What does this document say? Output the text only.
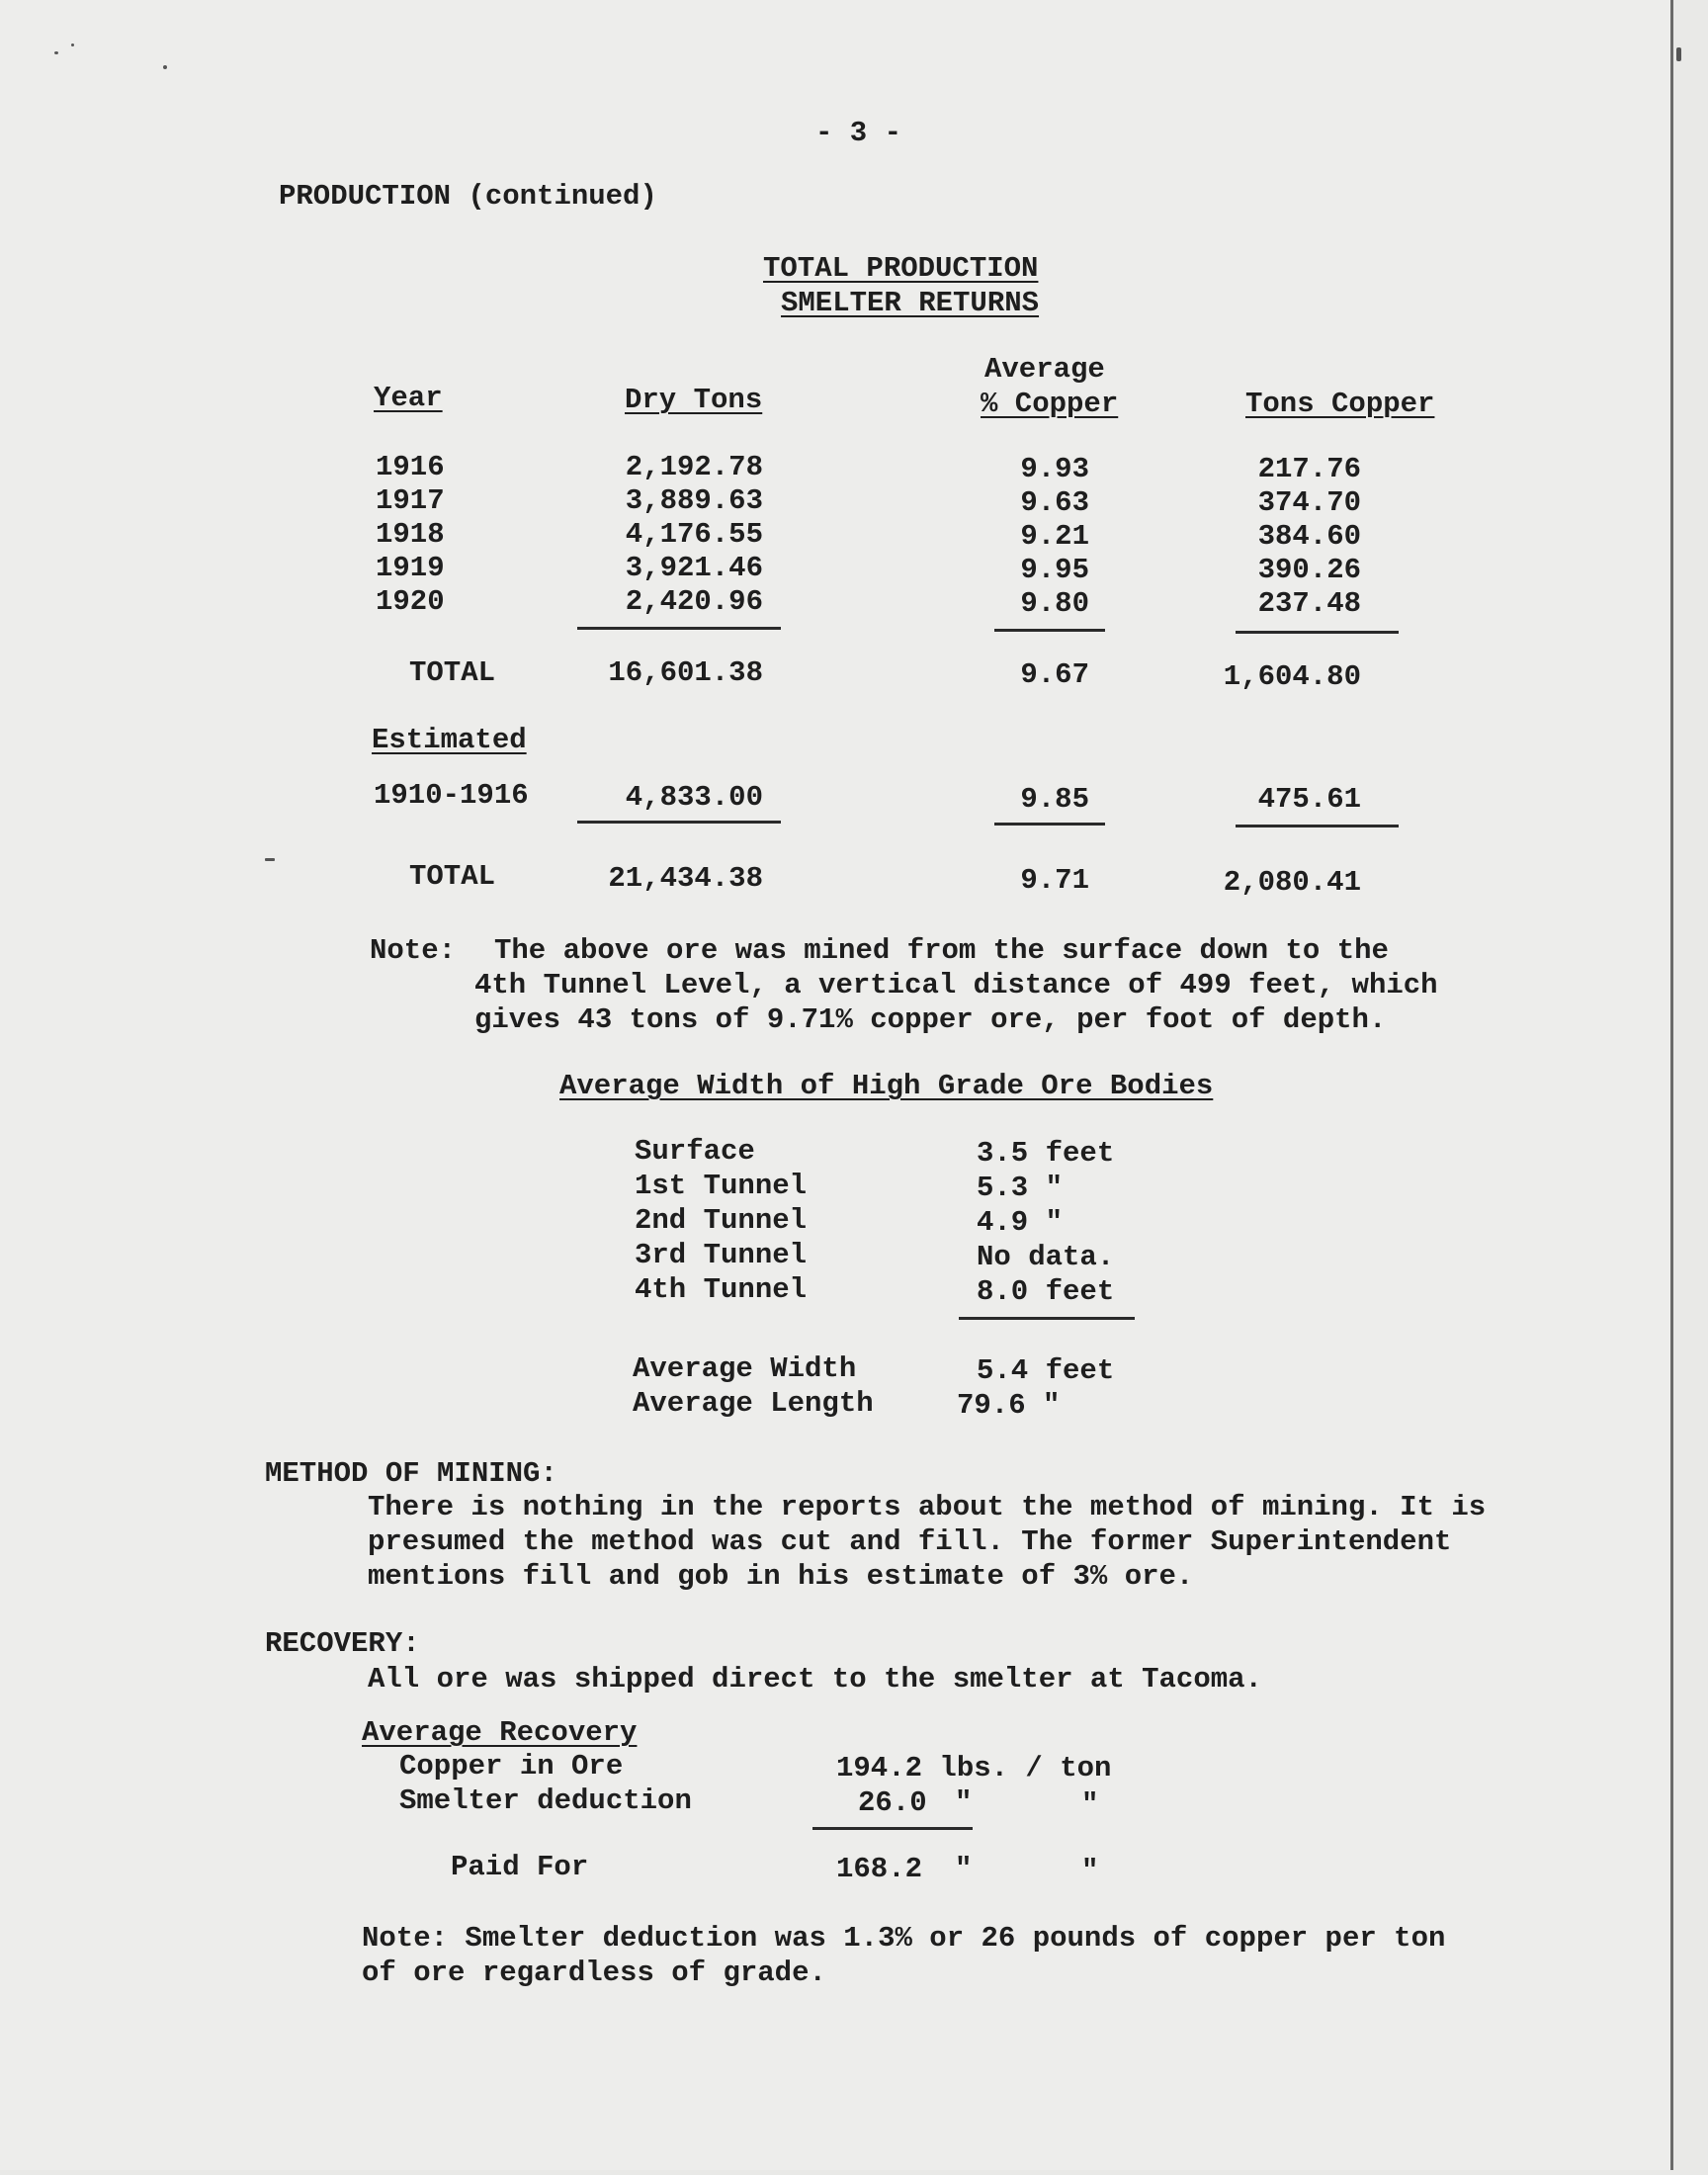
- 3 -
PRODUCTION (continued)
TOTAL PRODUCTION
SMELTER RETURNS
Year	Dry Tons
Average
% Copper	Tons Copper
1916	2,192.78	9.93	217.76
1917	3,889.63	9.63	374.70
1918	4,176.55	9.21	384.60
1919	3,921.46	9.95	390.26
1920	2,420.96	9.80	237.48
TOTAL	16,601.38	9.67	1,604.80
Estimated
1910-1916	4,833.00	9.85	475.61
TOTAL	21,434.38	9.71	2,080.41
Note: The above ore was mined from the surface down to the
4th Tunnel Level, a vertical distance of 499 feet, which
gives 43 tons of 9.71% copper ore, per foot of depth.
Average Width of High Grade Ore Bodies
Surface	3.5 feet
1st Tunnel	5.3 "
2nd Tunnel	4.9 "
3rd Tunnel	No data.
4th Tunnel	8.0 feet
Average Width	5.4 feet
Average Length	79.6 "
METHOD OF MINING:
There is nothing in the reports about the method of mining. It is
presumed the method was cut and fill. The former Superintendent
mentions fill and gob in his estimate of 3% ore.
RECOVERY:
All ore was shipped direct to the smelter at Tacoma.
Average Recovery
Copper in Ore	194.2 lbs. / ton
Smelter deduction	26.0 "	"
Paid For	168.2 "	"
Note: Smelter deduction was 1.3% or 26 pounds of copper per ton
of ore regardless of grade.
